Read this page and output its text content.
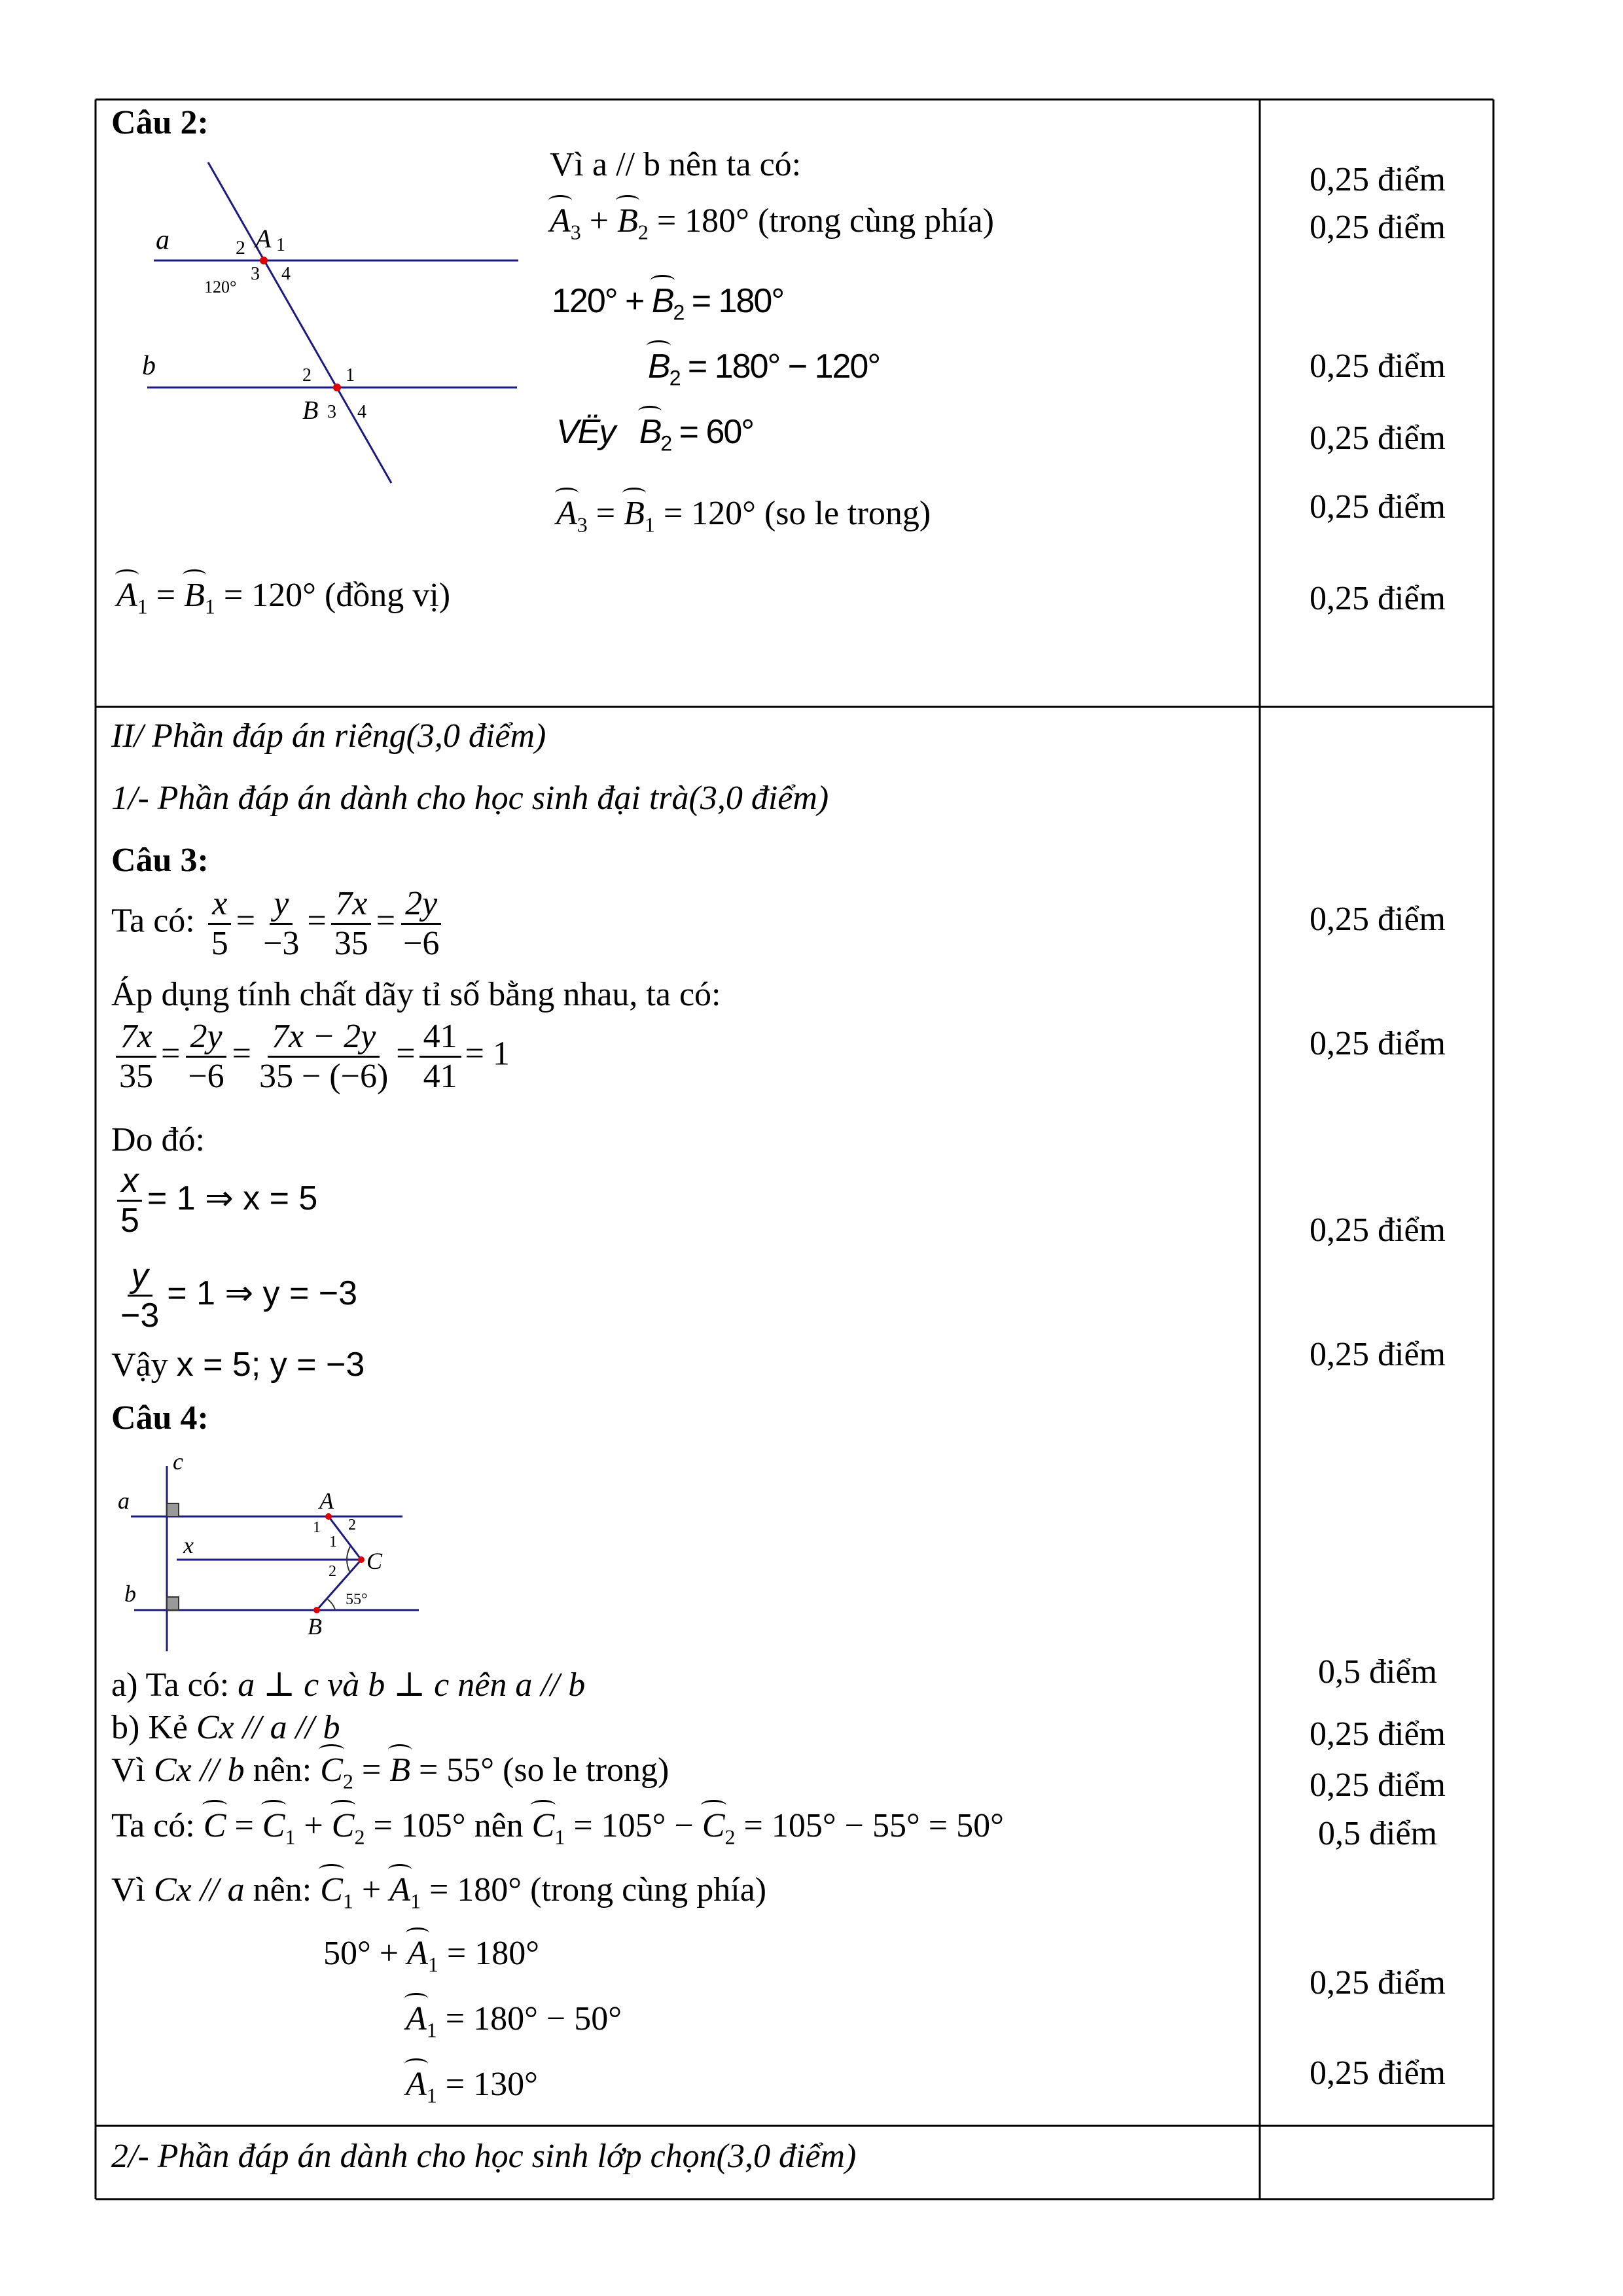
Câu 2:
a
b
2 A 1
3 4
120°
2 1
B 3 4
Vì a // b nên ta có:
$A_3 + B_2 = 180^\circ$ (trong cùng phía)
$120^\circ + B_2 = 180^\circ$
$B_2 = 180^\circ - 120^\circ$
VËy $B_2 = 60^\circ$
$A_3 = B_1 = 120^\circ$ (so le trong)
$A_1 = B_1 = 120^\circ$ (đồng vị)
0,25 điểm
0,25 điểm
0,25 điểm
0,25 điểm
0,25 điểm
0,25 điểm
II/ Phần đáp án riêng(3,0 điểm)
1/- Phần đáp án dành cho học sinh đại trà(3,0 điểm)
Câu 3:
Ta có: $\frac{x}{5} = \frac{y}{-3} = \frac{7x}{35} = \frac{2y}{-6}$
Áp dụng tính chất dãy tỉ số bằng nhau, ta có:
$\frac{7x}{35} = \frac{2y}{-6} = \frac{7x - 2y}{35 - (-6)} = \frac{41}{41} = 1$
Do đó:
$\frac{x}{5} = 1$ ⇒ x = 5
$\frac{y}{-3} = 1$ ⇒ y = −3
Vậy x = 5; y = −3
0,25 điểm
0,25 điểm
0,25 điểm
0,25 điểm
Câu 4:
c
a
x
b
A
C
B
1 2
1
2
55°
a) Ta có: a ⊥ c và b ⊥ c nên a // b
b) Kẻ Cx // a // b
Vì Cx // b nên: $C_2 = B = 55^\circ$ (so le trong)
Ta có: $C = C_1 + C_2 = 105^\circ$ nên $C_1 = 105^\circ - C_2 = 105^\circ - 55^\circ = 50^\circ$
Vì Cx // a nên: $C_1 + A_1 = 180^\circ$ (trong cùng phía)
$50^\circ + A_1 = 180^\circ$
$A_1 = 180^\circ - 50^\circ$
$A_1 = 130^\circ$
0,5 điểm
0,25 điểm
0,25 điểm
0,5 điểm
0,25 điểm
0,25 điểm
2/- Phần đáp án dành cho học sinh lớp chọn(3,0 điểm)
